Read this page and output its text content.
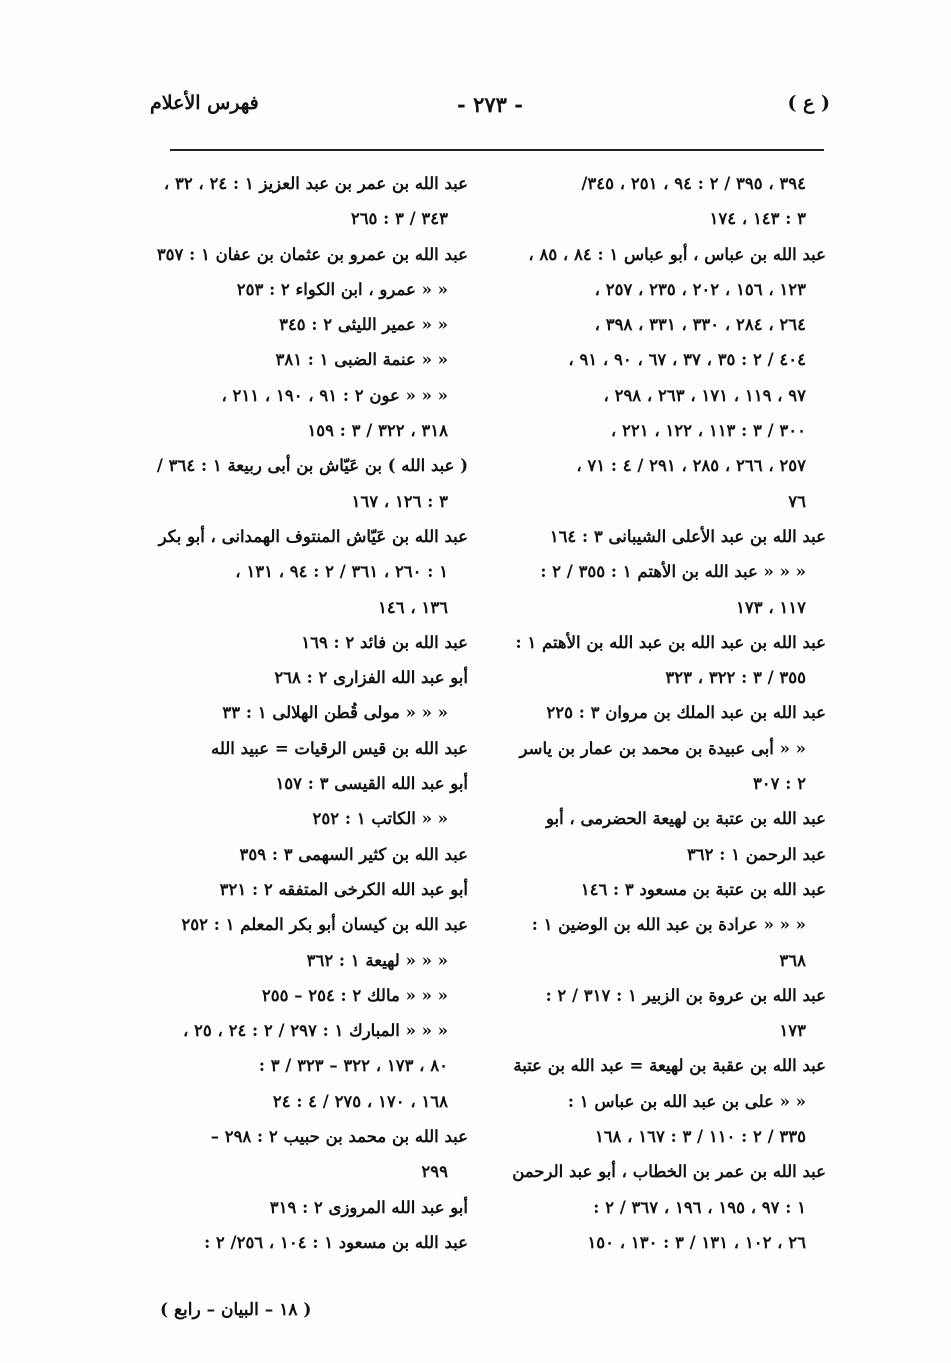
( ع )
- ٢٧٣ -
فهرس الأعلام
٣٩٤ ، ٣٩٥ / ٢ : ٩٤ ، ٢٥١ ، ٣٤٥/
٣ : ١٤٣ ، ١٧٤
عبد الله بن عباس ، أبو عباس ١ : ٨٤ ، ٨٥ ،
١٢٣ ، ١٥٦ ، ٢٠٢ ، ٢٣٥ ، ٢٥٧ ،
٢٦٤ ، ٢٨٤ ، ٣٣٠ ، ٣٣١ ، ٣٩٨ ،
٤٠٤ / ٢ : ٣٥ ، ٣٧ ، ٦٧ ، ٩٠ ، ٩١ ،
٩٧ ، ١١٩ ، ١٧١ ، ٢٦٣ ، ٢٩٨ ،
٣٠٠ / ٣ : ١١٣ ، ١٢٢ ، ٢٢١ ،
٢٥٧ ، ٢٦٦ ، ٢٨٥ ، ٢٩١ / ٤ : ٧١ ،
٧٦
عبد الله بن عبد الأعلى الشيبانى ٣ : ١٦٤
« « « عبد الله بن الأهتم ١ : ٣٥٥ / ٢ :
١١٧ ، ١٧٣
عبد الله بن عبد الله بن عبد الله بن الأهتم ١ :
٣٥٥ / ٣ : ٣٢٢ ، ٣٢٣
عبد الله بن عبد الملك بن مروان ٣ : ٢٢٥
« « أبى عبيدة بن محمد بن عمار بن ياسر
٢ : ٣٠٧
عبد الله بن عتبة بن لهيعة الحضرمى ، أبو
عبد الرحمن ١ : ٣٦٢
عبد الله بن عتبة بن مسعود ٣ : ١٤٦
« « « عرادة بن عبد الله بن الوضين ١ :
٣٦٨
عبد الله بن عروة بن الزبير ١ : ٣١٧ / ٢ :
١٧٣
عبد الله بن عقبة بن لهيعة = عبد الله بن عتبة
« « على بن عبد الله بن عباس ١ :
٣٣٥ / ٢ : ١١٠ / ٣ : ١٦٧ ، ١٦٨
عبد الله بن عمر بن الخطاب ، أبو عبد الرحمن
١ : ٩٧ ، ١٩٥ ، ١٩٦ ، ٣٦٧ / ٢ :
٢٦ ، ١٠٢ ، ١٣١ / ٣ : ١٣٠ ، ١٥٠
عبد الله بن عمر بن عبد العزيز ١ : ٢٤ ، ٣٢ ،
٣٤٣ / ٣ : ٢٦٥
عبد الله بن عمرو بن عثمان بن عفان ١ : ٣٥٧
« « عمرو ، ابن الكواء ٢ : ٢٥٣
« « عمير الليثى ٢ : ٣٤٥
« « عنمة الضبى ١ : ٣٨١
« « « عون ٢ : ٩١ ، ١٩٠ ، ٢١١ ،
٣١٨ ، ٣٢٢ / ٣ : ١٥٩
( عبد الله ) بن عَيّاش بن أبى ربيعة ١ : ٣٦٤ /
٣ : ١٢٦ ، ١٦٧
عبد الله بن عَيّاش المنتوف الهمدانى ، أبو بكر
١ : ٢٦٠ ، ٣٦١ / ٢ : ٩٤ ، ١٣١ ،
١٣٦ ، ١٤٦
عبد الله بن فائد ٢ : ١٦٩
أبو عبد الله الفزارى ٢ : ٢٦٨
« « « مولى قُطن الهلالى ١ : ٣٣
عبد الله بن قيس الرقيات = عبيد الله
أبو عبد الله القيسى ٣ : ١٥٧
« « الكاتب ١ : ٢٥٢
عبد الله بن كثير السهمى ٣ : ٣٥٩
أبو عبد الله الكرخى المتفقه ٢ : ٣٢١
عبد الله بن كيسان أبو بكر المعلم ١ : ٢٥٢
« « « لهيعة ١ : ٣٦٢
« « « مالك ٢ : ٢٥٤ – ٢٥٥
« « « المبارك ١ : ٢٩٧ / ٢ : ٢٤ ، ٢٥ ،
٨٠ ، ١٧٣ ، ٣٢٢ – ٣٢٣ / ٣ :
١٦٨ ، ١٧٠ ، ٢٧٥ / ٤ : ٢٤
عبد الله بن محمد بن حبيب ٢ : ٢٩٨ –
٢٩٩
أبو عبد الله المروزى ٢ : ٣١٩
عبد الله بن مسعود ١ : ١٠٤ ، ٢٥٦/ ٢ :
( ١٨ – البيان – رابع )
